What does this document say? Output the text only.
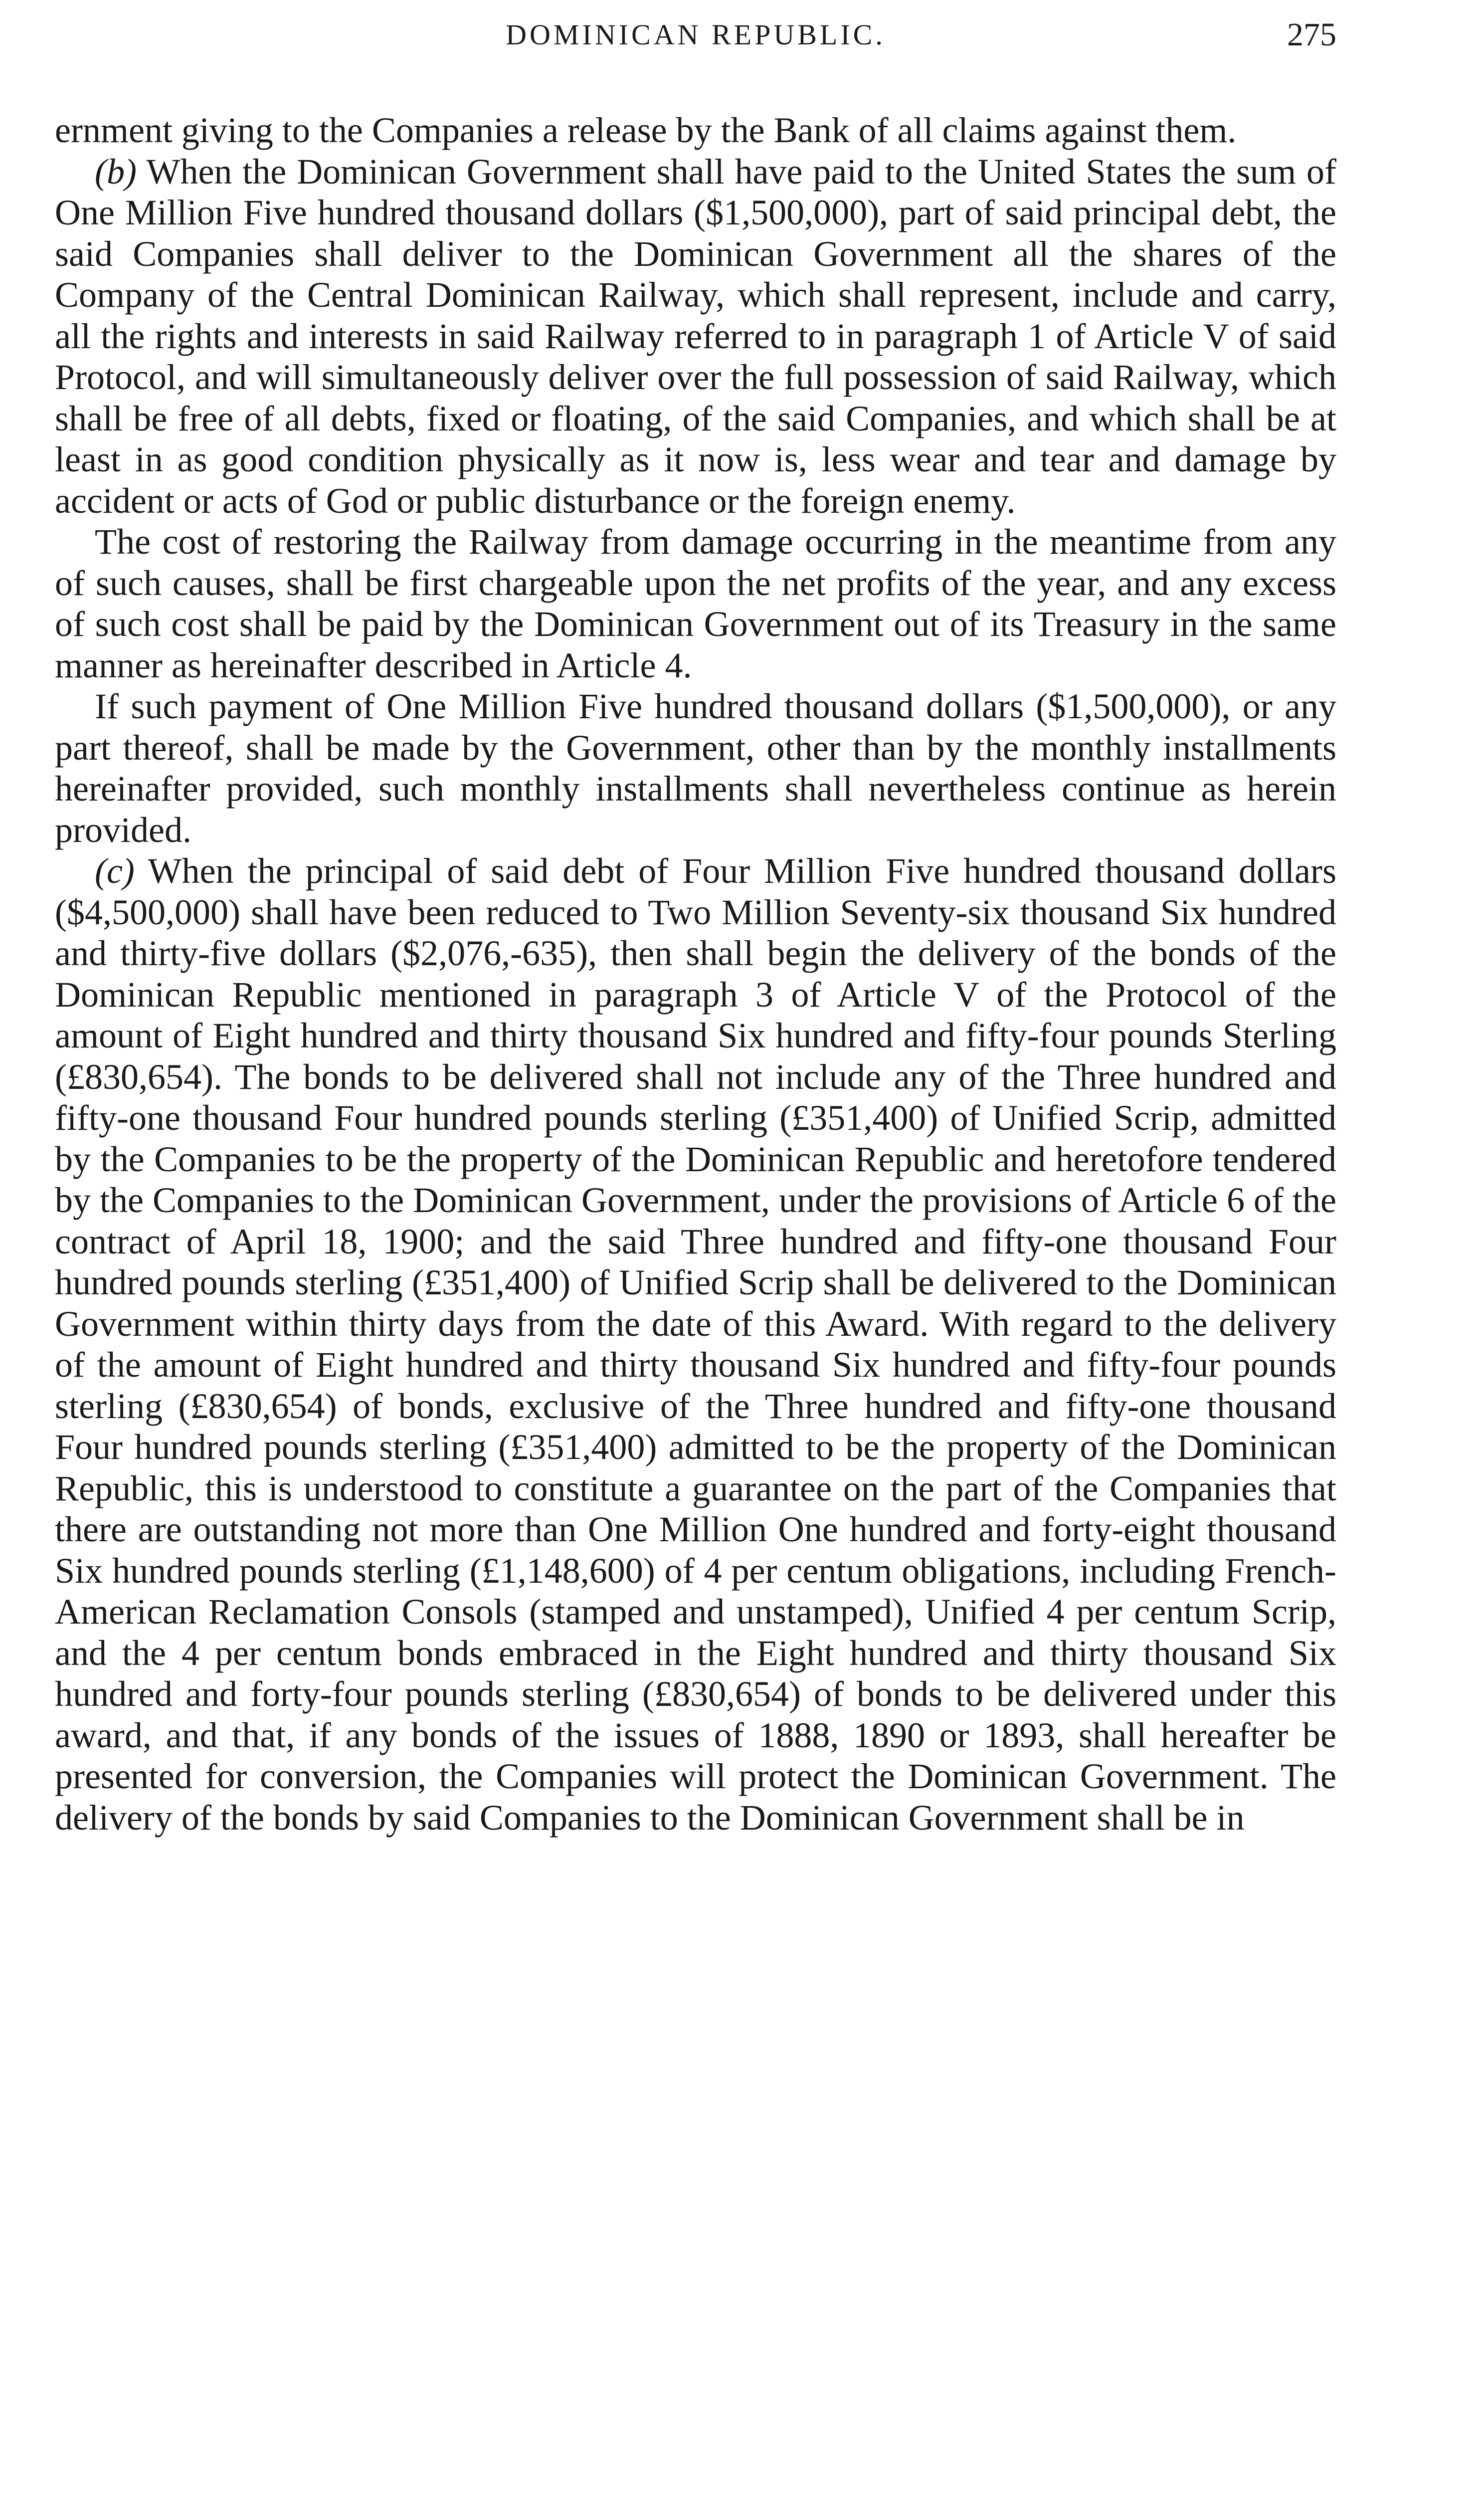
DOMINICAN REPUBLIC.	275

ernment giving to the Companies a release by the Bank of all claims against them.

(b) When the Dominican Government shall have paid to the United States the sum of One Million Five hundred thousand dollars ($1,500,000), part of said principal debt, the said Companies shall deliver to the Dominican Government all the shares of the Company of the Central Dominican Railway, which shall represent, include and carry, all the rights and interests in said Railway referred to in paragraph 1 of Article V of said Protocol, and will simultaneously deliver over the full possession of said Railway, which shall be free of all debts, fixed or floating, of the said Companies, and which shall be at least in as good condition physically as it now is, less wear and tear and damage by accident or acts of God or public disturbance or the foreign enemy.

The cost of restoring the Railway from damage occurring in the meantime from any of such causes, shall be first chargeable upon the net profits of the year, and any excess of such cost shall be paid by the Dominican Government out of its Treasury in the same manner as hereinafter described in Article 4.

If such payment of One Million Five hundred thousand dollars ($1,500,000), or any part thereof, shall be made by the Government, other than by the monthly installments hereinafter provided, such monthly installments shall nevertheless continue as herein provided.

(c) When the principal of said debt of Four Million Five hundred thousand dollars ($4,500,000) shall have been reduced to Two Million Seventy-six thousand Six hundred and thirty-five dollars ($2,076,-635), then shall begin the delivery of the bonds of the Dominican Republic mentioned in paragraph 3 of Article V of the Protocol of the amount of Eight hundred and thirty thousand Six hundred and fifty-four pounds Sterling (£830,654). The bonds to be delivered shall not include any of the Three hundred and fifty-one thousand Four hundred pounds sterling (£351,400) of Unified Scrip, admitted by the Companies to be the property of the Dominican Republic and heretofore tendered by the Companies to the Dominican Government, under the provisions of Article 6 of the contract of April 18, 1900; and the said Three hundred and fifty-one thousand Four hundred pounds sterling (£351,400) of Unified Scrip shall be delivered to the Dominican Government within thirty days from the date of this Award. With regard to the delivery of the amount of Eight hundred and thirty thousand Six hundred and fifty-four pounds sterling (£830,654) of bonds, exclusive of the Three hundred and fifty-one thousand Four hundred pounds sterling (£351,400) admitted to be the property of the Dominican Republic, this is understood to constitute a guarantee on the part of the Companies that there are outstanding not more than One Million One hundred and forty-eight thousand Six hundred pounds sterling (£1,148,600) of 4 per centum obligations, including French-American Reclamation Consols (stamped and unstamped), Unified 4 per centum Scrip, and the 4 per centum bonds embraced in the Eight hundred and thirty thousand Six hundred and forty-four pounds sterling (£830,654) of bonds to be delivered under this award, and that, if any bonds of the issues of 1888, 1890 or 1893, shall hereafter be presented for conversion, the Companies will protect the Dominican Government. The delivery of the bonds by said Companies to the Dominican Government shall be in
